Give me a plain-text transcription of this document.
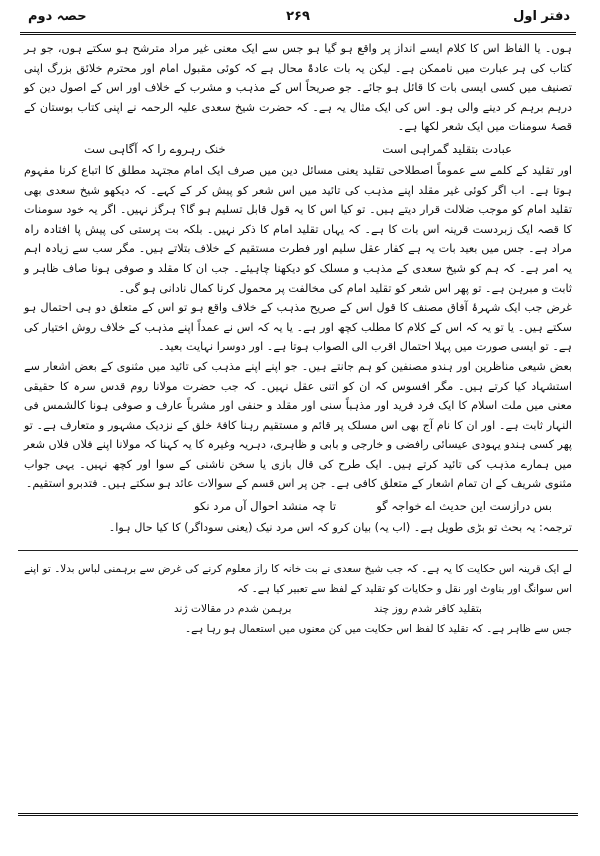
دفتر اول
۲۶۹
حصہ دوم

ہوں۔ یا الفاظ اس کا کلام ایسے انداز پر واقع ہو گیا ہو جس سے ایک معنی غیر مراد مترشح ہو سکتے ہوں، جو ہر کتاب کی ہر عبارت میں ناممکن ہے۔ لیکن یہ بات عادۃً محال ہے کہ کوئی مقبول امام اور محترم خلائق بزرگ اپنی تصنیف میں کسی ایسی بات کا قائل ہو جائے۔ جو صریحاً اس کے مذہب و مشرب کے خلاف اور اس کے اصول دین کو درہم برہم کر دینے والی ہو۔ اس کی ایک مثال یہ ہے۔ کہ حضرت شیخ سعدی علیہ الرحمہ نے اپنی کتاب بوستان کے قصۂ سومنات میں ایک شعر لکھا ہے۔

عبادت بتقلید گمراہی است
خنک رہروے را کہ آگاہی ست

اور تقلید کے کلمے سے عموماً اصطلاحی تقلید یعنی مسائل دین میں صرف ایک امام مجتہد مطلق کا اتباع کرنا مفہوم ہوتا ہے۔ اب اگر کوئی غیر مقلد اپنے مذہب کی تائید میں اس شعر کو پیش کر کے کہے۔ کہ دیکھو شیخ سعدی بھی تقلید امام کو موجب ضلالت قرار دیتے ہیں۔ تو کیا اس کا یہ قول قابل تسلیم ہو گا؟ ہرگز نہیں۔ اگر یہ خود سومنات کا قصہ ایک زبردست قرینہ اس بات کا ہے۔ کہ یہاں تقلید امام کا ذکر نہیں۔ بلکہ بت پرستی کی پیش پا افتادہ راہ مراد ہے۔ جس میں بعید بات یہ ہے کفار عقل سلیم اور فطرت مستقیم کے خلاف بتلاتے ہیں۔ مگر سب سے زیادہ اہم یہ امر ہے۔ کہ ہم کو شیخ سعدی کے مذہب و مسلک کو دیکھنا چاہیئے۔ جب ان کا مقلد و صوفی ہونا صاف ظاہر و ثابت و مبرہن ہے۔ تو پھر اس شعر کو تقلید امام کی مخالفت پر محمول کرنا کمال نادانی ہو گی۔

غرض جب ایک شہرۂ آفاق مصنف کا قول اس کے صریح مذہب کے خلاف واقع ہو تو اس کے متعلق دو ہی احتمال ہو سکتے ہیں۔ یا تو یہ کہ اس کے کلام کا مطلب کچھ اور ہے۔ یا یہ کہ اس نے عمداً اپنے مذہب کے خلاف روش اختیار کی ہے۔ تو ایسی صورت میں پہلا احتمال اقرب الی الصواب ہوتا ہے۔ اور دوسرا نہایت بعید۔

بعض شیعی مناظرین اور ہندو مصنفین کو ہم جانتے ہیں۔ جو اپنے اپنے مذہب کی تائید میں مثنوی کے بعض اشعار سے استشہاد کیا کرتے ہیں۔ مگر افسوس کہ ان کو اتنی عقل نہیں۔ کہ جب حضرت مولانا روم قدس سرہ کا حقیقی معنی میں ملت اسلام کا ایک فرد فرید اور مذہباً سنی اور مقلد و حنفی اور مشرباً عارف و صوفی ہونا کالشمس فی النہار ثابت ہے۔ اور ان کا نام آج بھی اس مسلک پر قائم و مستقیم رہنا کافۂ خلق کے نزدیک مشہور و متعارف ہے۔ تو پھر کسی ہندو یہودی عیسائی رافضی و خارجی و بابی و ظاہری، دہریہ وغیرہ کا یہ کہنا کہ مولانا اپنے فلاں فلاں شعر میں ہمارے مذہب کی تائید کرتے ہیں۔ ایک طرح کی قال بازی یا سخن ناشنی کے سوا اور کچھ نہیں۔ یہی جواب مثنوی شریف کے ان تمام اشعار کے متعلق کافی ہے۔ جن پر اس قسم کے سوالات عائد ہو سکتے ہیں۔ فتدبرو استقیم۔

بس درازست این حدیث اے خواجہ گو
تا چہ منشد احوال آں مرد نکو

ترجمہ: یہ بحث تو بڑی طویل ہے۔ (اب یہ) بیان کرو کہ اس مرد نیک (یعنی سوداگر) کا کیا حال ہوا۔

لے ایک قرینہ اس حکایت کا یہ ہے۔ کہ جب شیخ سعدی نے بت خانہ کا راز معلوم کرنے کی غرض سے برہمنی لباس بدلا۔ تو اپنے اس سوانگ اور بناوٹ اور نقل و حکایات کو تقلید کے لفظ سے تعبیر کیا ہے۔ کہ

بتقلید کافر شدم روز چند
برہمن شدم در مقالات ژند

جس سے ظاہر ہے۔ کہ تقلید کا لفظ اس حکایت میں کن معنوں میں استعمال ہو رہا ہے۔
